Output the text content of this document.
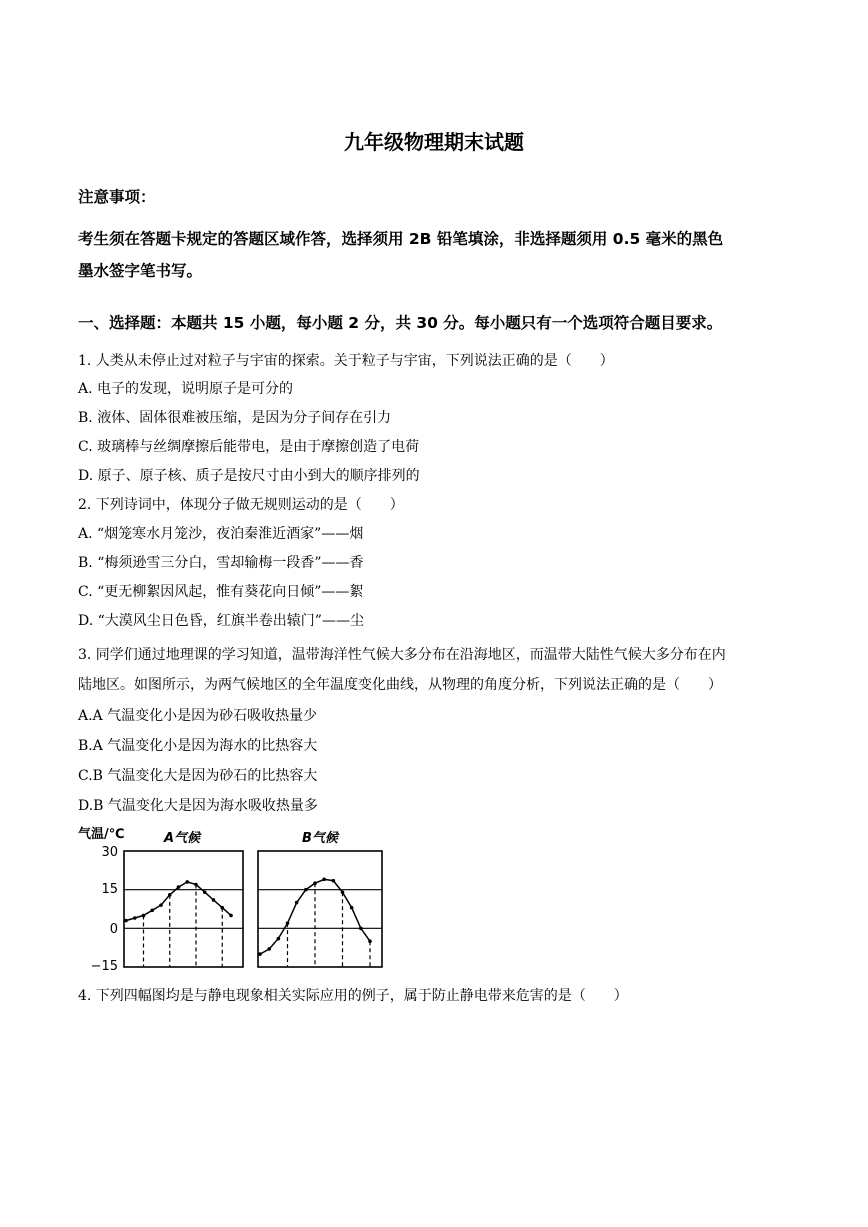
九年级物理期末试题
注意事项：
考生须在答题卡规定的答题区域作答，选择须用 2B 铅笔填涂，非选择题须用 0.5 毫米的黑色
墨水签字笔书写。
一、选择题：本题共 15 小题，每小题 2 分，共 30 分。每小题只有一个选项符合题目要求。
1. 人类从未停止过对粒子与宇宙的探索。关于粒子与宇宙，下列说法正确的是（　　）
A. 电子的发现，说明原子是可分的
B. 液体、固体很难被压缩，是因为分子间存在引力
C. 玻璃棒与丝绸摩擦后能带电，是由于摩擦创造了电荷
D. 原子、原子核、质子是按尺寸由小到大的顺序排列的
2. 下列诗词中，体现分子做无规则运动的是（　　）
A. “烟笼寒水月笼沙，夜泊秦淮近酒家”——烟
B. “梅须逊雪三分白，雪却输梅一段香”——香
C. “更无柳絮因风起，惟有葵花向日倾”——絮
D. “大漠风尘日色昏，红旗半卷出辕门”——尘
3. 同学们通过地理课的学习知道，温带海洋性气候大多分布在沿海地区，而温带大陆性气候大多分布在内
陆地区。如图所示，为两气候地区的全年温度变化曲线，从物理的角度分析，下列说法正确的是（　　）
A.A 气温变化小是因为砂石吸收热量少
B.A 气温变化小是因为海水的比热容大
C.B 气温变化大是因为砂石的比热容大
D.B 气温变化大是因为海水吸收热量多
气温/℃	A气候	B气候
30
15
0
−15
4. 下列四幅图均是与静电现象相关实际应用的例子，属于防止静电带来危害的是（　　）
